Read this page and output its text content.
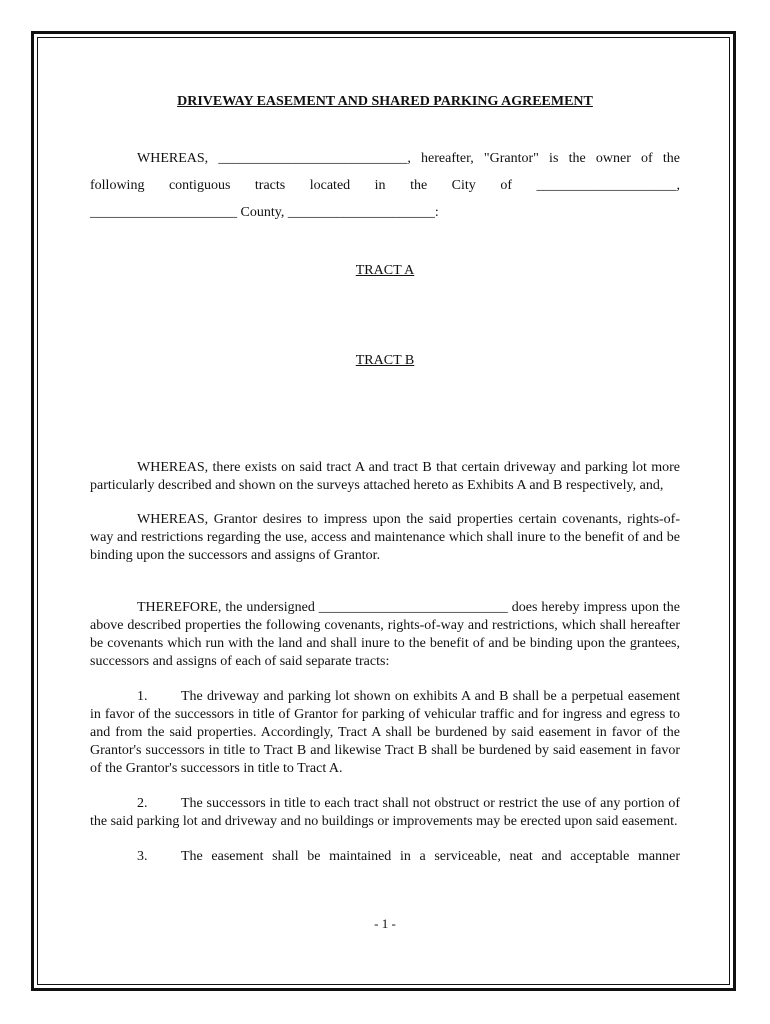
DRIVEWAY EASEMENT AND SHARED PARKING AGREEMENT

WHEREAS, ___________________________, hereafter, "Grantor" is the owner of the

following contiguous tracts located in the City of ____________________,

_____________________ County, _____________________:

TRACT A

TRACT B

WHEREAS, there exists on said tract A and tract B that certain driveway and parking lot more particularly described and shown on the surveys attached hereto as Exhibits A and B respectively, and,

WHEREAS, Grantor desires to impress upon the said properties certain covenants, rights-of-way and restrictions regarding the use, access and maintenance which shall inure to the benefit of and be binding upon the successors and assigns of Grantor.

THEREFORE, the undersigned ___________________________ does hereby impress upon the above described properties the following covenants, rights-of-way and restrictions, which shall hereafter be covenants which run with the land and shall inure to the benefit of and be binding upon the grantees, successors and assigns of each of said separate tracts:

1. The driveway and parking lot shown on exhibits A and B shall be a perpetual easement in favor of the successors in title of Grantor for parking of vehicular traffic and for ingress and egress to and from the said properties. Accordingly, Tract A shall be burdened by said easement in favor of the Grantor's successors in title to Tract B and likewise Tract B shall be burdened by said easement in favor of the Grantor's successors in title to Tract A.

2. The successors in title to each tract shall not obstruct or restrict the use of any portion of the said parking lot and driveway and no buildings or improvements may be erected upon said easement.

3. The easement shall be maintained in a serviceable, neat and acceptable manner

- 1 -
